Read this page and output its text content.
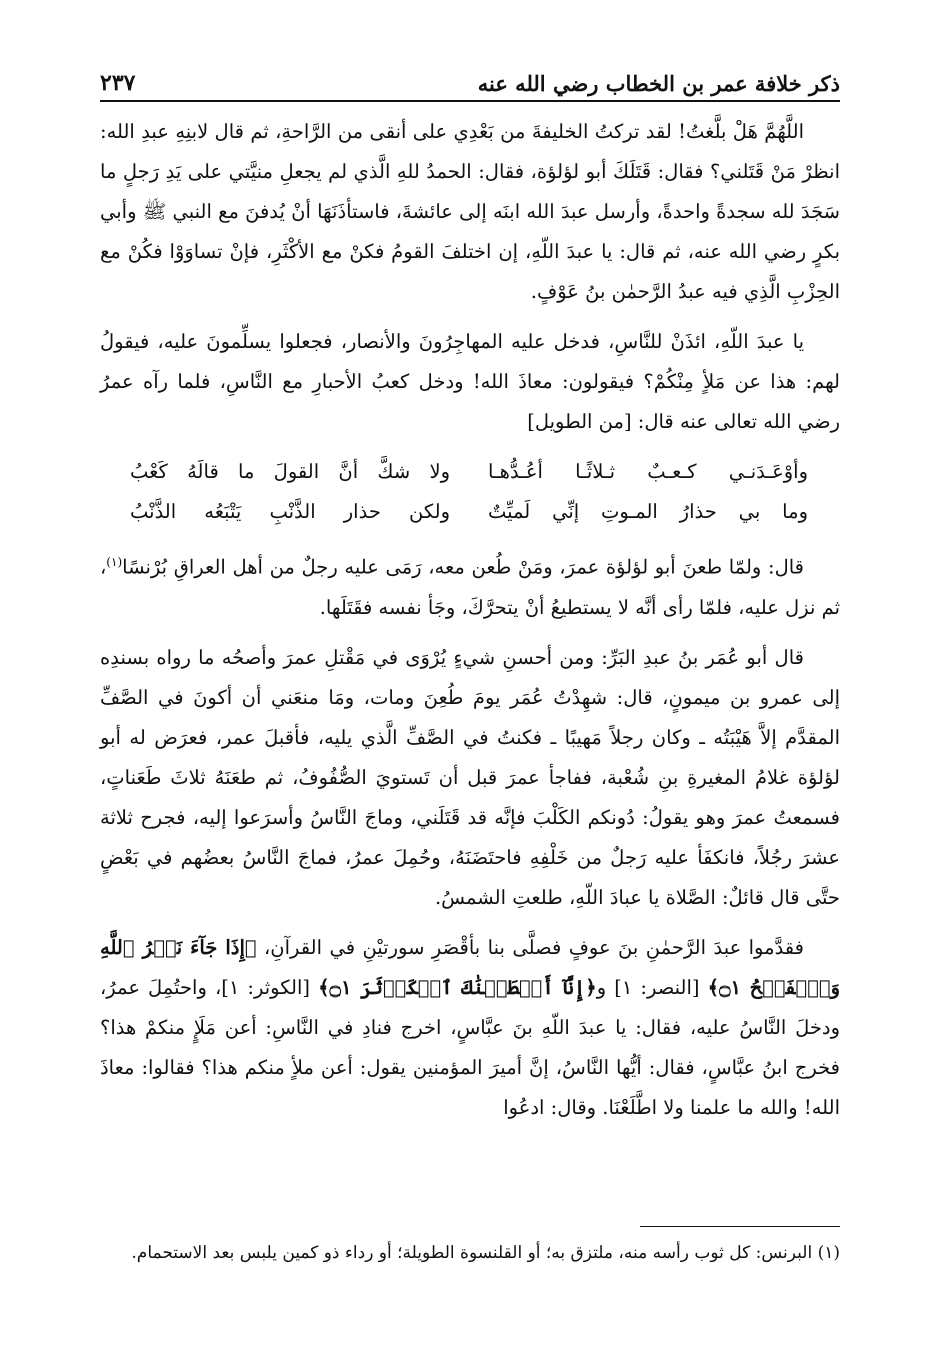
ذكر خلافة عمر بن الخطاب رضي الله عنه
٢٣٧

اللَّهُمَّ هَلْ بلَّغتُ! لقد تركتُ الخليفةَ من بَعْدِي على أنقى من الرَّاحةِ، ثم قال لابنِهِ عبدِ الله: انظرْ مَنْ قَتَلني؟ فقال: قَتَلَكَ أبو لؤلؤة، فقال: الحمدُ للهِ الَّذي لم يجعلِ منيَّتي على يَدِ رَجلٍ ما سَجَدَ لله سجدةً واحدةً، وأرسل عبدَ الله ابنَه إلى عائشةَ، فاستأذَنَهَا أنْ يُدفنَ مع النبي ﷺ وأبي بكرٍ رضي الله عنه، ثم قال: يا عبدَ اللّهِ، إن اختلفَ القومُ فكنْ مع الأكْثَرِ، فإنْ تساوَوْا فكُنْ مع الحِزْبِ الَّذِي فيه عبدُ الرَّحمٰن بنُ عَوْفٍ.

يا عبدَ اللّهِ، ائذَنْ للنَّاسِ، فدخل عليه المهاجِرُونَ والأنصار، فجعلوا يسلِّمونَ عليه، فيقولُ لهم: هذا عن مَلأٍ مِنْكُمْ؟ فيقولون: معاذَ الله! ودخل كعبُ الأحبارِ مع النَّاسِ، فلما رآه عمرُ رضي الله تعالى عنه قال: [من الطويل]

وأوْعَـدَنـي كـعـبٌ ثـلاثًـا أعُـدُّهـا
ولا شكَّ أنَّ القولَ ما قالَهُ كَعْبُ
وما بي حذارُ المـوتِ إنِّي لَميِّتٌ
ولكن حذار الذَّنْبِ يَتْبَعُه الذَّنْبُ

قال: ولمّا طعنَ أبو لؤلؤة عمرَ، ومَنْ طُعن معه، رَمَى عليه رجلٌ من أهل العراقِ بُرْنسًا$^{(١)}$، ثم نزل عليه، فلمّا رأى أنَّه لا يستطيعُ أنْ يتحرَّكَ، وجَأ نفسه فقَتَلَها.

قال أبو عُمَر بنُ عبدِ البَرِّ: ومن أحسنِ شيءٍ يُرْوَى في مَقْتلِ عمرَ وأصحُه ما رواه بسندِه إلى عمرو بن ميمونٍ، قال: شهِدْتُ عُمَر يومَ طُعِنَ ومات، ومَا منعَني أن أكونَ في الصَّفِّ المقدَّم إلاَّ هَيْبَتُه ـ وكان رجلاً مَهيبًا ـ فكنتُ في الصَّفِّ الَّذي يليه، فأقبلَ عمر، فعرَض له أبو لؤلؤة غلامُ المغيرةِ بنِ شُعْبة، ففاجأ عمرَ قبل أن تَستويَ الصُّفُوفُ، ثم طعَنَهُ ثلاثَ طَعَناتٍ، فسمعتُ عمرَ وهو يقولُ: دُونكم الكَلْبَ فإنَّه قد قَتَلَني، وماجَ النَّاسُ وأسرَعوا إليه، فجرح ثلاثة عشرَ رجُلاً، فانكفَأ عليه رَجلٌ من خَلْفِهِ فاحتَضَنَهُ، وحُمِلَ عمرُ، فماجَ النَّاسُ بعضُهم في بَعْضٍ حتَّى قال قائلٌ: الصَّلاة يا عبادَ اللّهِ، طلعتِ الشمسُ.

فقدَّموا عبدَ الرَّحمٰنِ بنَ عوفٍ فصلَّى بنا بأقْصَرِ سورتيْنِ في القرآنِ، ﴿إِذَا جَآءَ نَصۡرُ ٱللَّهِ وَٱلۡفَتۡحُ ۝١﴾ [النصر: ١] و﴿إِنَّآ أَعۡطَيۡنَٰكَ ٱلۡكَوۡثَرَ ۝١﴾ [الكوثر: ١]، واحتُمِلَ عمرُ، ودخلَ النَّاسُ عليه، فقال: يا عبدَ اللّهِ بنَ عبَّاسٍ، اخرج فنادِ في النَّاسِ: أعن مَلَإٍ منكمْ هذا؟ فخرج ابنُ عبَّاسٍ، فقال: أيُّها النَّاسُ، إنَّ أميرَ المؤمنين يقول: أعن ملأٍ منكم هذا؟ فقالوا: معاذَ الله! والله ما علمنا ولا اطَّلَعْنَا. وقال: ادعُوا

(١) البرنس: كل ثوب رأسه منه، ملتزق به؛ أو القلنسوة الطويلة؛ أو رداء ذو كمين يلبس بعد الاستحمام.
